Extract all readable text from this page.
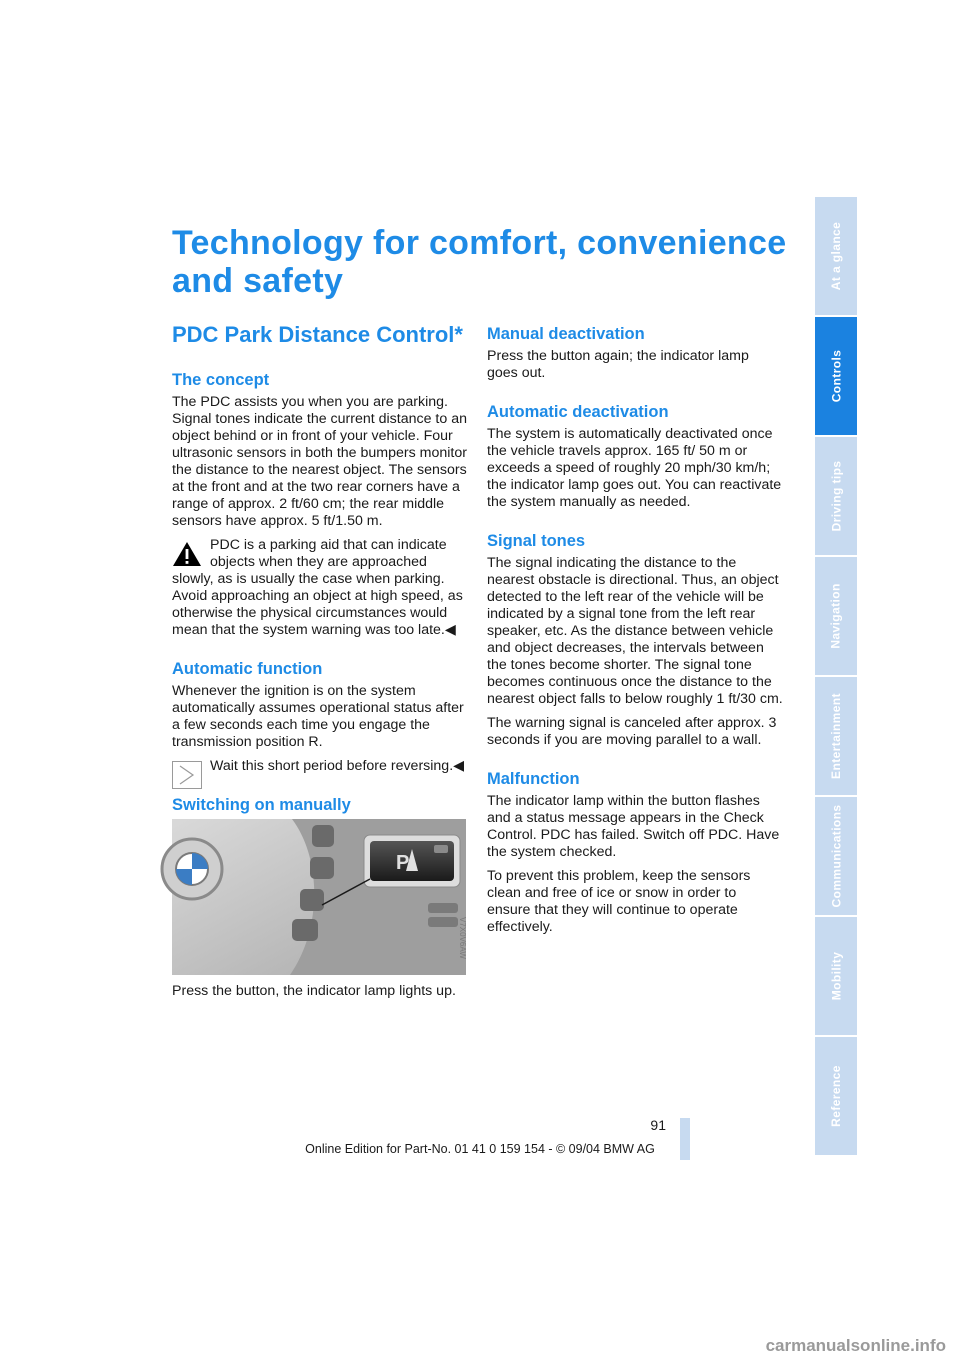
Technology for comfort, convenience and safety
PDC Park Distance Control*
The concept

The PDC assists you when you are parking. Signal tones indicate the current distance to an object behind or in front of your vehicle. Four ultrasonic sensors in both the bumpers monitor the distance to the nearest object. The sensors at the front and at the two rear corners have a range of approx. 2 ft/60 cm; the rear middle sensors have approx. 5 ft/1.50 m.

PDC is a parking aid that can indicate objects when they are approached slowly, as is usually the case when parking. Avoid approaching an object at high speed, as otherwise the physical circumstances would mean that the system warning was too late.◀
Automatic function

Whenever the ignition is on the system automatically assumes operational status after a few seconds each time you engage the transmission position R.

Wait this short period before reversing.◀
Switching on manually
P
V7X0V6AW

Press the button, the indicator lamp lights up.

Manual deactivation

Press the button again; the indicator lamp goes out.

Automatic deactivation

The system is automatically deactivated once the vehicle travels approx. 165 ft/ 50 m or exceeds a speed of roughly 20 mph/30 km/h; the indicator lamp goes out. You can reactivate the system manually as needed.

Signal tones

The signal indicating the distance to the nearest obstacle is directional. Thus, an object detected to the left rear of the vehicle will be indicated by a signal tone from the left rear speaker, etc. As the distance between vehicle and object decreases, the intervals between the tones become shorter. The signal tone becomes continuous once the distance to the nearest object falls to below roughly 1 ft/30 cm.

The warning signal is canceled after approx. 3 seconds if you are moving parallel to a wall.

Malfunction

The indicator lamp within the button flashes and a status message appears in the Check Control. PDC has failed. Switch off PDC. Have the system checked.

To prevent this problem, keep the sensors clean and free of ice or snow in order to ensure that they will continue to operate effectively.

At a glance
Controls
Driving tips
Navigation
Entertainment
Communications
Mobility
Reference
91
Online Edition for Part-No. 01 41 0 159 154 - © 09/04 BMW AG
carmanualsonline.info
